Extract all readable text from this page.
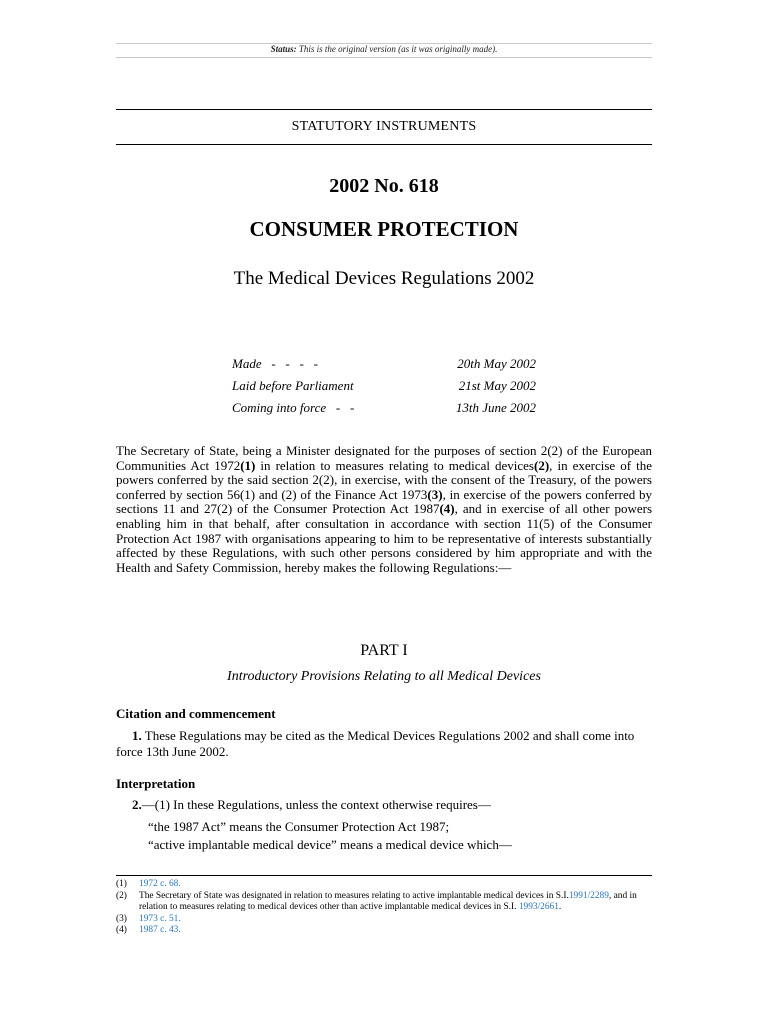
Status: This is the original version (as it was originally made).
STATUTORY INSTRUMENTS
2002 No. 618
CONSUMER PROTECTION
The Medical Devices Regulations 2002
Made   -   -   -   -	20th May 2002
Laid before Parliament	21st May 2002
Coming into force   -   -	13th June 2002
The Secretary of State, being a Minister designated for the purposes of section 2(2) of the European Communities Act 1972(1) in relation to measures relating to medical devices(2), in exercise of the powers conferred by the said section 2(2), in exercise, with the consent of the Treasury, of the powers conferred by section 56(1) and (2) of the Finance Act 1973(3), in exercise of the powers conferred by sections 11 and 27(2) of the Consumer Protection Act 1987(4), and in exercise of all other powers enabling him in that behalf, after consultation in accordance with section 11(5) of the Consumer Protection Act 1987 with organisations appearing to him to be representative of interests substantially affected by these Regulations, with such other persons considered by him appropriate and with the Health and Safety Commission, hereby makes the following Regulations:—
PART I
Introductory Provisions Relating to all Medical Devices
Citation and commencement
1. These Regulations may be cited as the Medical Devices Regulations 2002 and shall come into force 13th June 2002.
Interpretation
2.—(1) In these Regulations, unless the context otherwise requires—
“the 1987 Act” means the Consumer Protection Act 1987;
“active implantable medical device” means a medical device which—
(1)	1972 c. 68.
(2)	The Secretary of State was designated in relation to measures relating to active implantable medical devices in S.I.1991/2289, and in relation to measures relating to medical devices other than active implantable medical devices in S.I. 1993/2661.
(3)	1973 c. 51.
(4)	1987 c. 43.
